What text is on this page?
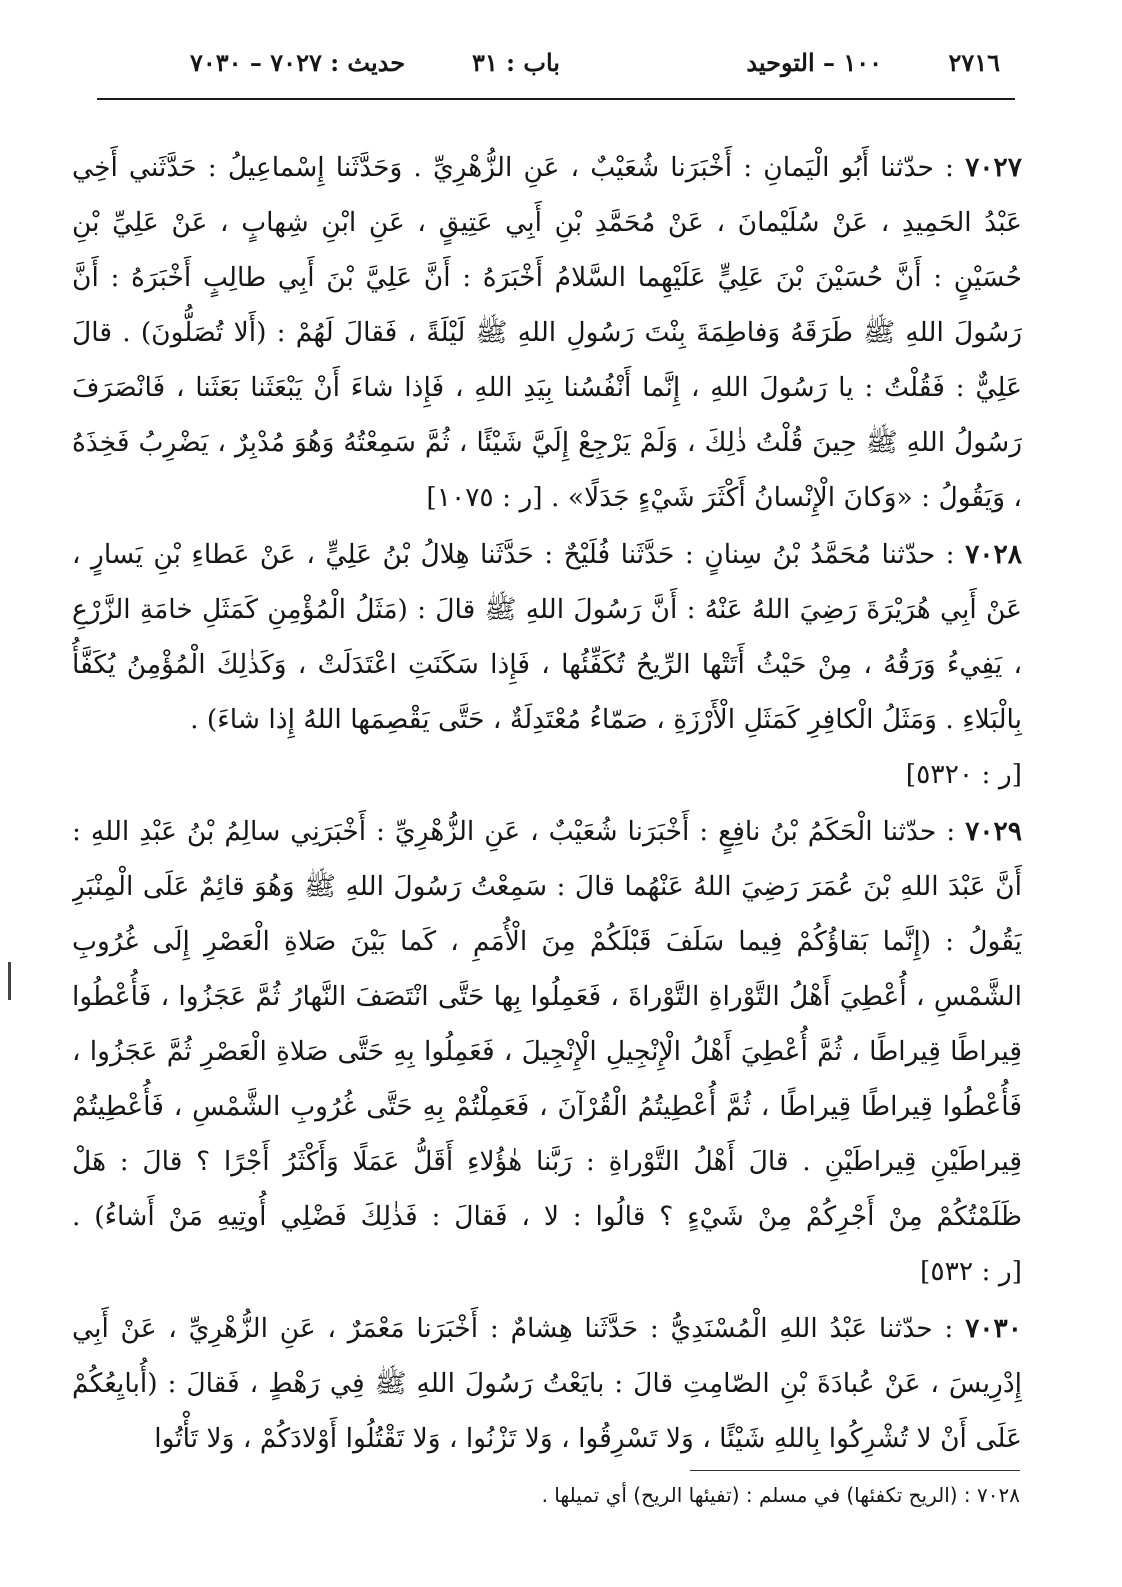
٢٧١٦
١٠٠ – التوحيد
باب : ٣١
حديث : ٧٠٢٧ – ٧٠٣٠

٧٠٢٧ : حدّثنا أَبُو الْيَمانِ : أَخْبَرَنا شُعَيْبٌ ، عَنِ الزُّهْرِيِّ . وَحَدَّثَنا إِسْماعِيلُ : حَدَّثَني أَخِي عَبْدُ الحَمِيدِ ، عَنْ سُلَيْمانَ ، عَنْ مُحَمَّدِ بْنِ أَبِي عَتِيقٍ ، عَنِ ابْنِ شِهابٍ ، عَنْ عَلِيِّ بْنِ حُسَيْنٍ : أَنَّ حُسَيْنَ بْنَ عَلِيٍّ عَلَيْهِما السَّلامُ أَخْبَرَهُ : أَنَّ عَلِيَّ بْنَ أَبِي طالِبٍ أَخْبَرَهُ : أَنَّ رَسُولَ اللهِ ﷺ طَرَقَهُ وَفاطِمَةَ بِنْتَ رَسُولِ اللهِ ﷺ لَيْلَةً ، فَقالَ لَهُمْ : (أَلا تُصَلُّونَ) . قالَ عَلِيٌّ : فَقُلْتُ : يا رَسُولَ اللهِ ، إِنَّما أَنْفُسُنا بِيَدِ اللهِ ، فَإِذا شاءَ أَنْ يَبْعَثَنا بَعَثَنا ، فَانْصَرَفَ رَسُولُ اللهِ ﷺ حِينَ قُلْتُ ذٰلِكَ ، وَلَمْ يَرْجِعْ إِلَيَّ شَيْئًا ، ثُمَّ سَمِعْتُهُ وَهُوَ مُدْبِرٌ ، يَضْرِبُ فَخِذَهُ ، وَيَقُولُ : «وَكانَ الْإِنْسانُ أَكْثَرَ شَيْءٍ جَدَلًا» . [ر : ١٠٧٥]

٧٠٢٨ : حدّثنا مُحَمَّدُ بْنُ سِنانٍ : حَدَّثَنا فُلَيْحٌ : حَدَّثَنا هِلالُ بْنُ عَلِيٍّ ، عَنْ عَطاءِ بْنِ يَسارٍ ، عَنْ أَبِي هُرَيْرَةَ رَضِيَ اللهُ عَنْهُ : أَنَّ رَسُولَ اللهِ ﷺ قالَ : (مَثَلُ الْمُؤْمِنِ كَمَثَلِ خامَةِ الزَّرْعِ ، يَفِيءُ وَرَقُهُ ، مِنْ حَيْثُ أَتَتْها الرِّيحُ تُكَفِّئُها ، فَإِذا سَكَنَتِ اعْتَدَلَتْ ، وَكَذٰلِكَ الْمُؤْمِنُ يُكَفَّأُ بِالْبَلاءِ . وَمَثَلُ الْكافِرِ كَمَثَلِ الْأَرْزَةِ ، صَمّاءُ مُعْتَدِلَةٌ ، حَتَّى يَقْصِمَها اللهُ إِذا شاءَ) .
[ر : ٥٣٢٠]

٧٠٢٩ : حدّثنا الْحَكَمُ بْنُ نافِعٍ : أَخْبَرَنا شُعَيْبٌ ، عَنِ الزُّهْرِيِّ : أَخْبَرَنِي سالِمُ بْنُ عَبْدِ اللهِ : أَنَّ عَبْدَ اللهِ بْنَ عُمَرَ رَضِيَ اللهُ عَنْهُما قالَ : سَمِعْتُ رَسُولَ اللهِ ﷺ وَهُوَ قائِمٌ عَلَى الْمِنْبَرِ يَقُولُ : (إِنَّما بَقاؤُكُمْ فِيما سَلَفَ قَبْلَكُمْ مِنَ الْأُمَمِ ، كَما بَيْنَ صَلاةِ الْعَصْرِ إِلَى غُرُوبِ الشَّمْسِ ، أُعْطِيَ أَهْلُ التَّوْراةِ التَّوْراةَ ، فَعَمِلُوا بِها حَتَّى انْتَصَفَ النَّهارُ ثُمَّ عَجَزُوا ، فَأُعْطُوا قِيراطًا قِيراطًا ، ثُمَّ أُعْطِيَ أَهْلُ الْإِنْجِيلِ الْإِنْجِيلَ ، فَعَمِلُوا بِهِ حَتَّى صَلاةِ الْعَصْرِ ثُمَّ عَجَزُوا ، فَأُعْطُوا قِيراطًا قِيراطًا ، ثُمَّ أُعْطِيتُمُ الْقُرْآنَ ، فَعَمِلْتُمْ بِهِ حَتَّى غُرُوبِ الشَّمْسِ ، فَأُعْطِيتُمْ قِيراطَيْنِ قِيراطَيْنِ . قالَ أَهْلُ التَّوْراةِ : رَبَّنا هٰؤُلاءِ أَقَلُّ عَمَلًا وَأَكْثَرُ أَجْرًا ؟ قالَ : هَلْ ظَلَمْتُكُمْ مِنْ أَجْرِكُمْ مِنْ شَيْءٍ ؟ قالُوا : لا ، فَقالَ : فَذٰلِكَ فَضْلِي أُوتِيهِ مَنْ أَشاءُ) . [ر : ٥٣٢]

٧٠٣٠ : حدّثنا عَبْدُ اللهِ الْمُسْنَدِيُّ : حَدَّثَنا هِشامٌ : أَخْبَرَنا مَعْمَرٌ ، عَنِ الزُّهْرِيِّ ، عَنْ أَبِي إِدْرِيسَ ، عَنْ عُبادَةَ بْنِ الصّامِتِ قالَ : بايَعْتُ رَسُولَ اللهِ ﷺ فِي رَهْطٍ ، فَقالَ : (أُبايِعُكُمْ عَلَى أَنْ لا تُشْرِكُوا بِاللهِ شَيْئًا ، وَلا تَسْرِقُوا ، وَلا تَزْنُوا ، وَلا تَقْتُلُوا أَوْلادَكُمْ ، وَلا تَأْتُوا

٧٠٢٨ : (الريح تكفئها) في مسلم : (تفيئها الريح) أي تميلها .
